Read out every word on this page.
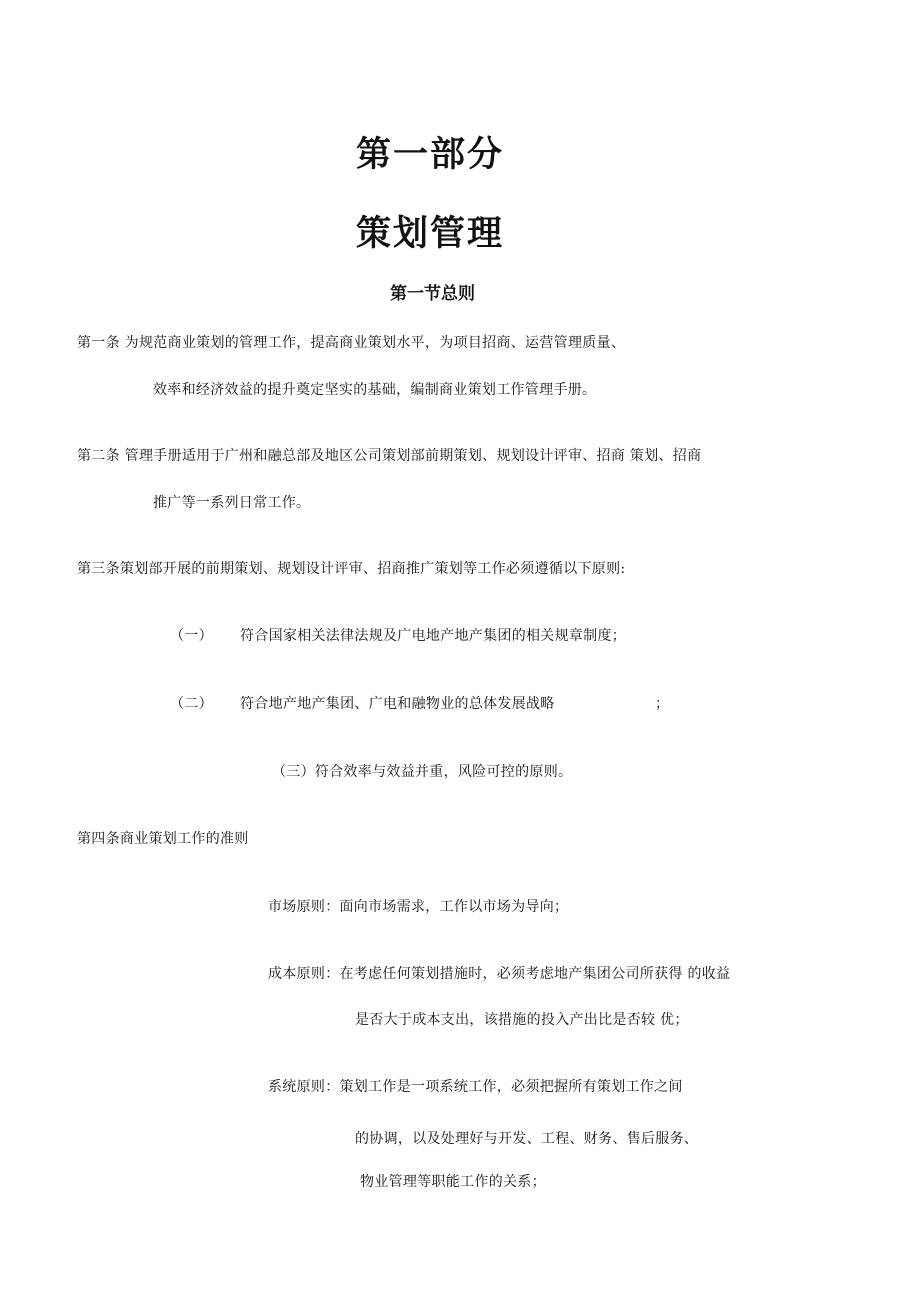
第一部分
策划管理
第一节总则
第一条 为规范商业策划的管理工作，提高商业策划水平，为项目招商、运营管理质量、
效率和经济效益的提升奠定坚实的基础，编制商业策划工作管理手册。
第二条 管理手册适用于广州和融总部及地区公司策划部前期策划、规划设计评审、招商 策划、招商
推广等一系列日常工作。
第三条策划部开展的前期策划、规划设计评审、招商推广策划等工作必须遵循以下原则:
（一） 符合国家相关法律法规及广电地产地产集团的相关规章制度；
（二） 符合地产地产集团、广电和融物业的总体发展战略	；
（三）符合效率与效益并重，风险可控的原则。
第四条商业策划工作的准则
市场原则：面向市场需求，工作以市场为导向；
成本原则：在考虑任何策划措施时，必须考虑地产集团公司所获得 的收益
是否大于成本支出，该措施的投入产出比是否较 优；
系统原则：策划工作是一项系统工作，必须把握所有策划工作之间
的协调，以及处理好与开发、工程、财务、售后服务、
物业管理等职能工作的关系；
